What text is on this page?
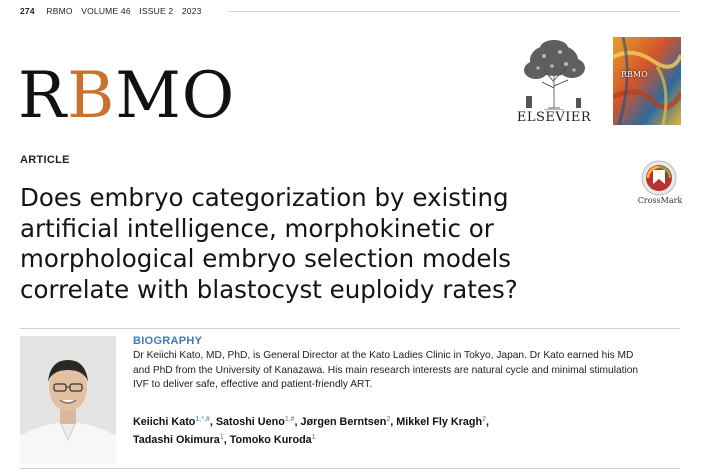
274 RBMO VOLUME 46 ISSUE 2 2023
RBMO	ELSEVIER
RBMO
ARTICLE
CrossMark
Does embryo categorization by existing artificial intelligence, morphokinetic or morphological embryo selection models correlate with blastocyst euploidy rates?
BIOGRAPHY
Dr Keiichi Kato, MD, PhD, is General Director at the Kato Ladies Clinic in Tokyo, Japan. Dr Kato earned his MD and PhD from the University of Kanazawa. His main research interests are natural cycle and minimal stimulation IVF to deliver safe, effective and patient-friendly ART.
Keiichi Kato$^{1,*,\#}$, Satoshi Ueno$^{1,\#}$, Jørgen Berntsen$^2$, Mikkel Fly Kragh$^2$,
Tadashi Okimura$^1$, Tomoko Kuroda$^1$
